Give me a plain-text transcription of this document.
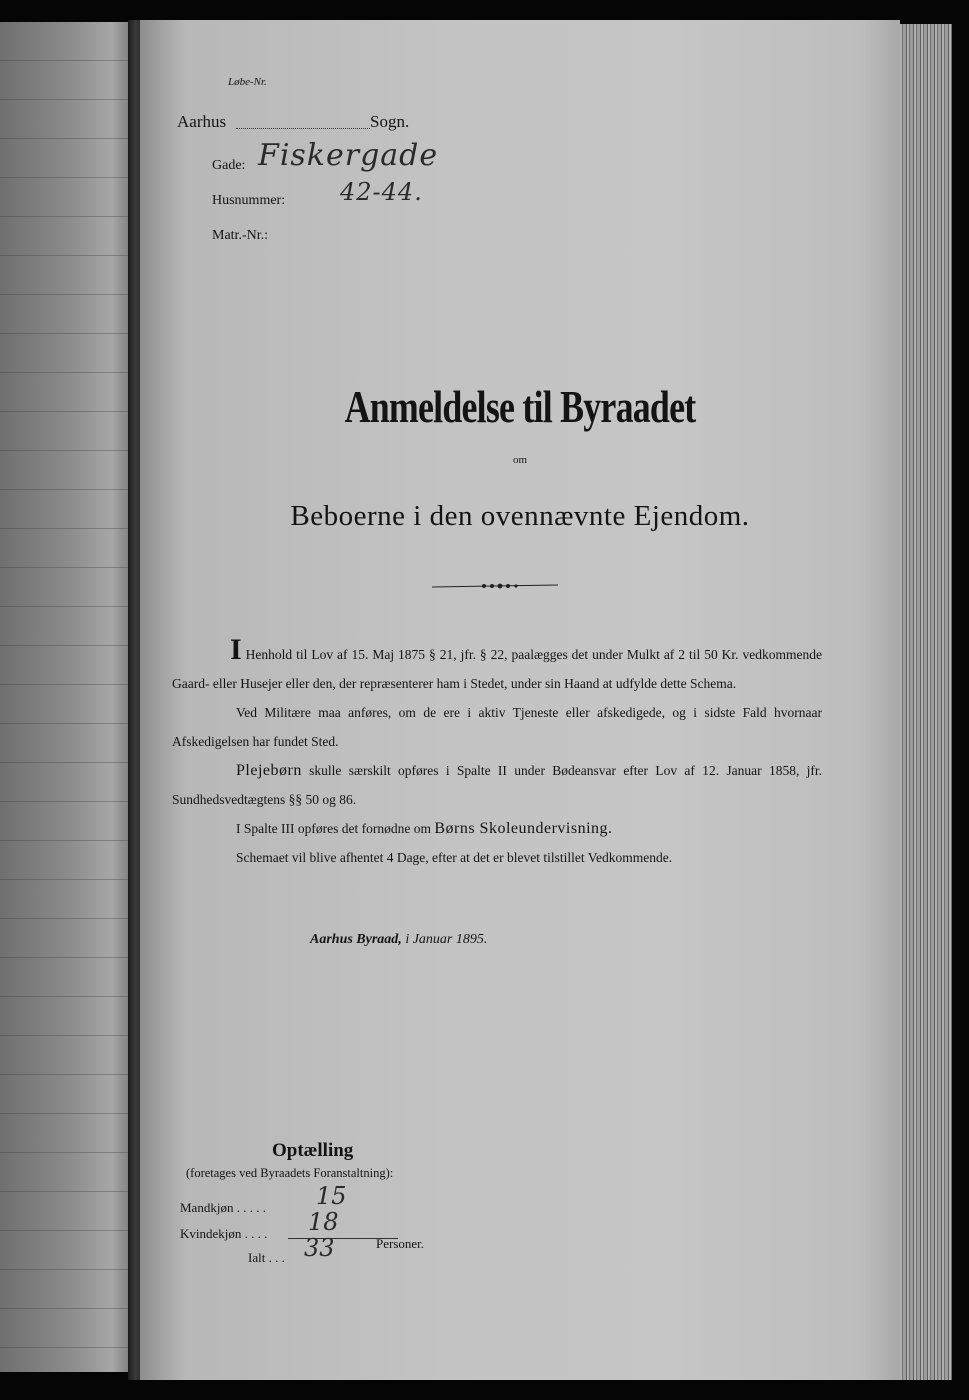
Løbe-Nr.
Aarhus	Sogn.
Gade: Fiskergade
Husnummer: 42-44.
Matr.-Nr.:
Anmeldelse til Byraadet
om
Beboerne i den ovennævnte Ejendom.

I Henhold til Lov af 15. Maj 1875 § 21, jfr. § 22, paalægges det under Mulkt af 2 til 50 Kr. vedkommende Gaard- eller Husejer eller den, der repræsenterer ham i Stedet, under sin Haand at udfylde dette Schema.

Ved Militære maa anføres, om de ere i aktiv Tjeneste eller afskedigede, og i sidste Fald hvornaar Afskedigelsen har fundet Sted.

Plejebørn skulle særskilt opføres i Spalte II under Bødeansvar efter Lov af 12. Januar 1858, jfr. Sundhedsvedtægtens §§ 50 og 86.

I Spalte III opføres det fornødne om Børns Skoleundervisning.

Schemaet vil blive afhentet 4 Dage, efter at det er blevet tilstillet Vedkommende.

Aarhus Byraad, i Januar 1895.
Optælling
(foretages ved Byraadets Foranstaltning):
Mandkjøn . . . . . 15
Kvindekjøn . . . . 18
Ialt . . . 33	Personer.
